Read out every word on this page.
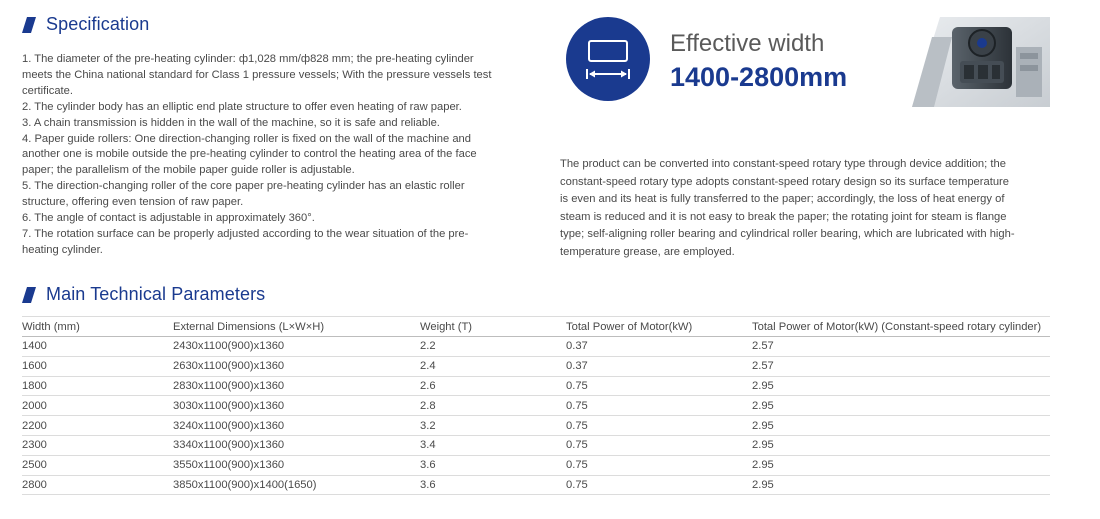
Specification

1. The diameter of the pre-heating cylinder: ф1,028 mm/ф828 mm; the pre-heating cylinder meets the China national standard for Class 1 pressure vessels; With the pressure vessels test certificate.

2. The cylinder body has an elliptic end plate structure to offer even heating of raw paper.

3. A chain transmission is hidden in the wall of the machine, so it is safe and reliable.

4. Paper guide rollers: One direction-changing roller is fixed on the wall of the machine and another one is mobile outside the pre-heating cylinder to control the heating area of the face paper; the parallelism of the mobile paper guide roller is adjustable.

5. The direction-changing roller of the core paper pre-heating cylinder has an elastic roller structure, offering even tension of raw paper.

6. The angle of contact is adjustable in approximately 360°.

7. The rotation surface can be properly adjusted according to the wear situation of the pre-heating cylinder.

Effective width
1400-2800mm
The product can be converted into constant-speed rotary type through device addition; the constant-speed rotary type adopts constant-speed rotary design so its surface temperature is even and its heat is fully transferred to the paper; accordingly, the loss of heat energy of steam is reduced and it is not easy to break the paper; the rotating joint for steam is flange type; self-aligning roller bearing and cylindrical roller bearing, which are lubricated with high-temperature grease, are employed.
Main Technical Parameters
Width (mm)	External Dimensions (L×W×H)	Weight (T)	Total Power of Motor(kW)	Total Power of Motor(kW) (Constant-speed rotary cylinder)
1400	2430x1100(900)x1360	2.2	0.37	2.57
1600	2630x1100(900)x1360	2.4	0.37	2.57
1800	2830x1100(900)x1360	2.6	0.75	2.95
2000	3030x1100(900)x1360	2.8	0.75	2.95
2200	3240x1100(900)x1360	3.2	0.75	2.95
2300	3340x1100(900)x1360	3.4	0.75	2.95
2500	3550x1100(900)x1360	3.6	0.75	2.95
2800	3850x1100(900)x1400(1650)	3.6	0.75	2.95
